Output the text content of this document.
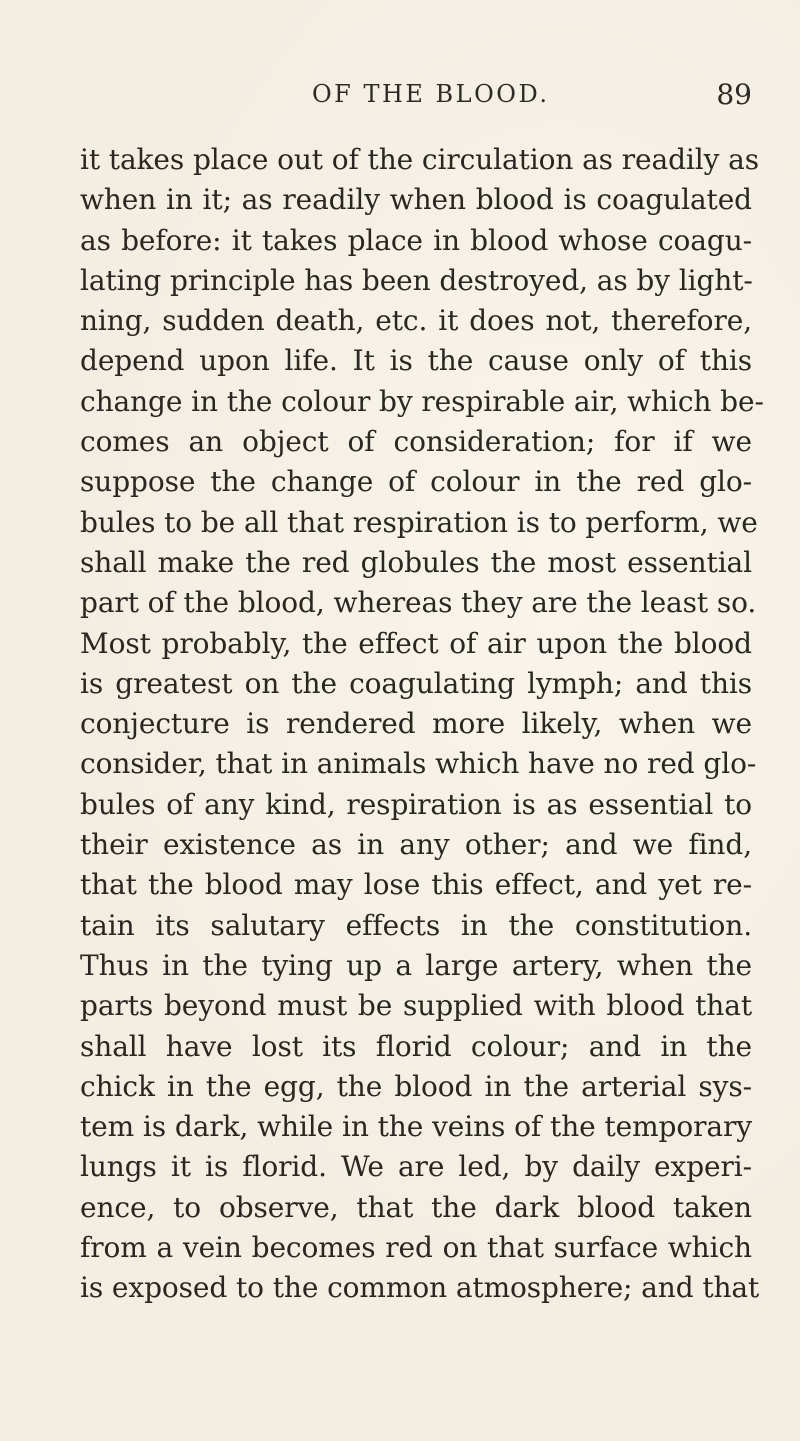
OF THE BLOOD.	89
it takes place out of the circulation as readily as
when in it; as readily when blood is coagulated
as before: it takes place in blood whose coagu-
lating principle has been destroyed, as by light-
ning, sudden death, etc. it does not, therefore,
depend upon life. It is the cause only of this
change in the colour by respirable air, which be-
comes an object of consideration; for if we
suppose the change of colour in the red glo-
bules to be all that respiration is to perform, we
shall make the red globules the most essential
part of the blood, whereas they are the least so.
Most probably, the effect of air upon the blood
is greatest on the coagulating lymph; and this
conjecture is rendered more likely, when we
consider, that in animals which have no red glo-
bules of any kind, respiration is as essential to
their existence as in any other; and we find,
that the blood may lose this effect, and yet re-
tain its salutary effects in the constitution.
Thus in the tying up a large artery, when the
parts beyond must be supplied with blood that
shall have lost its florid colour; and in the
chick in the egg, the blood in the arterial sys-
tem is dark, while in the veins of the temporary
lungs it is florid. We are led, by daily experi-
ence, to observe, that the dark blood taken
from a vein becomes red on that surface which
is exposed to the common atmosphere; and that
